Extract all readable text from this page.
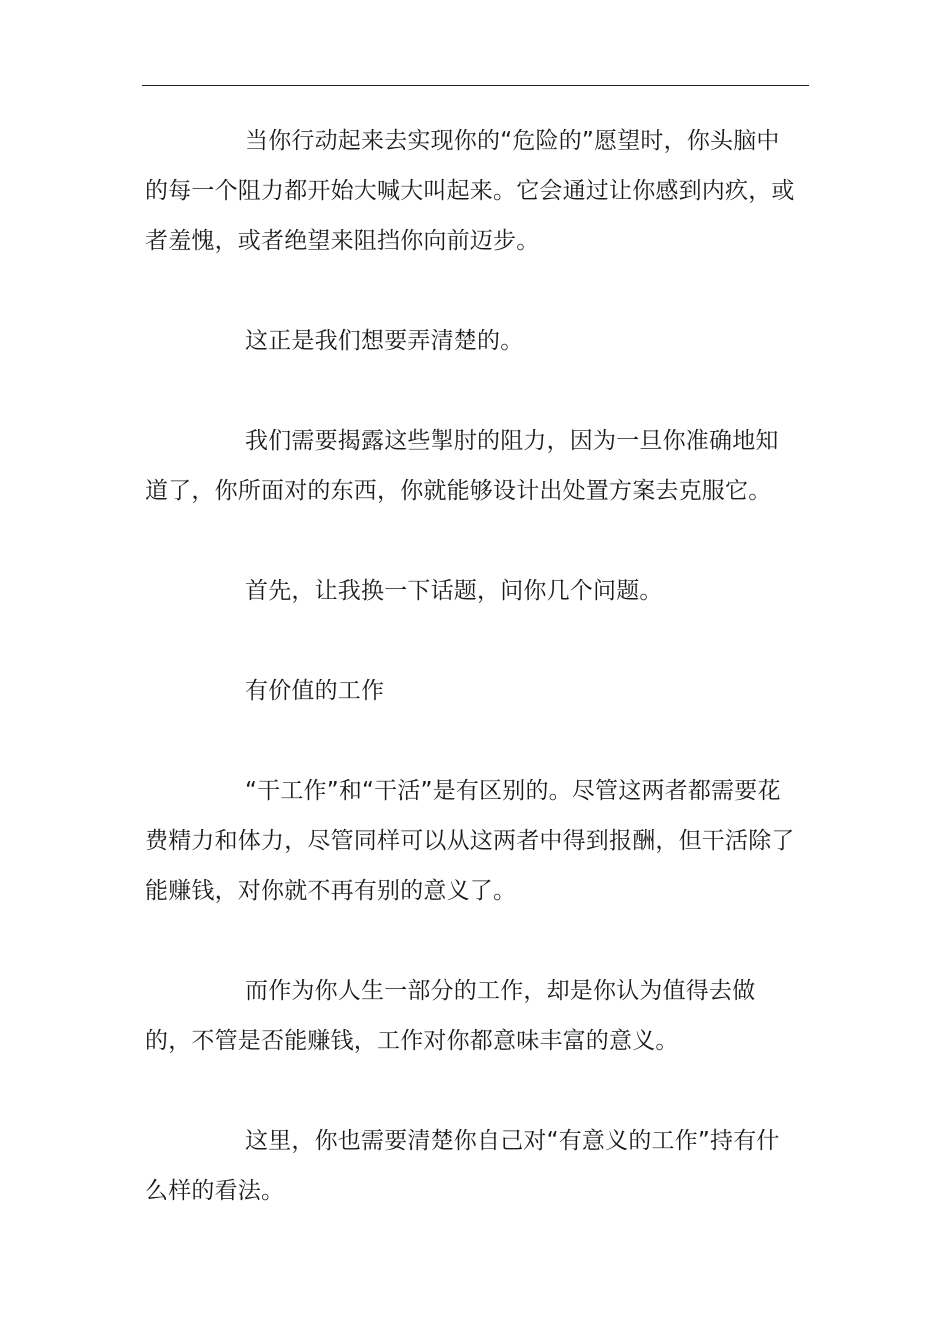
当你行动起来去实现你的“危险的”愿望时，你头脑中的每一个阻力都开始大喊大叫起来。它会通过让你感到内疚，或者羞愧，或者绝望来阻挡你向前迈步。

这正是我们想要弄清楚的。

我们需要揭露这些掣肘的阻力，因为一旦你准确地知道了，你所面对的东西，你就能够设计出处置方案去克服它。

首先，让我换一下话题，问你几个问题。

有价值的工作

“干工作”和“干活”是有区别的。尽管这两者都需要花费精力和体力，尽管同样可以从这两者中得到报酬，但干活除了能赚钱，对你就不再有别的意义了。

而作为你人生一部分的工作，却是你认为值得去做的，不管是否能赚钱，工作对你都意味丰富的意义。

这里，你也需要清楚你自己对“有意义的工作”持有什么样的看法。
